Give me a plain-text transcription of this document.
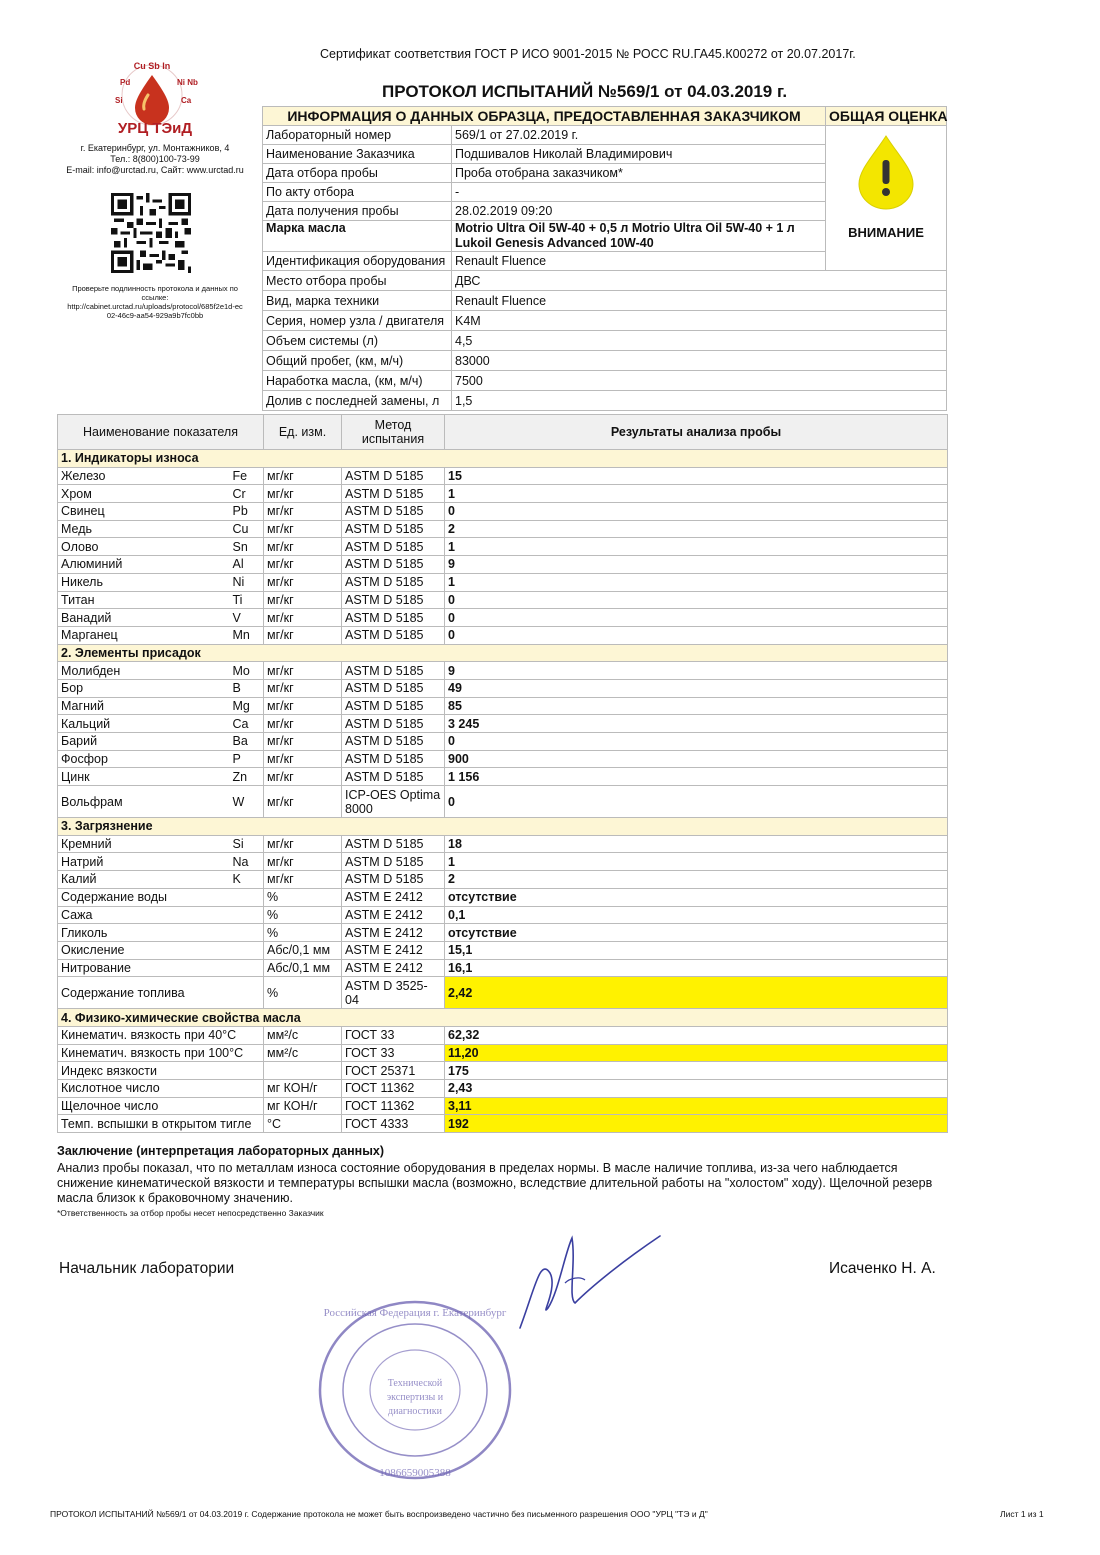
Сертификат соответствия ГОСТ Р ИСО 9001-2015 № РОСС RU.ГА45.К00272 от 20.07.2017г.
Cu Sb In
Pd	Ni Nb
Si	Ca
УРЦ ТЭиД
г. Екатеринбург, ул. Монтажников, 4
Тел.: 8(800)100-73-99
E-mail: info@urctad.ru, Сайт: www.urctad.ru
Проверьте подлинность протокола и данных по
ссылке:
http://cabinet.urctad.ru/uploads/protocol/685f2e1d-ec
02-46c9-aa54-929a9b7fc0bb
ПРОТОКОЛ ИСПЫТАНИЙ №569/1 от 04.03.2019 г.
ИНФОРМАЦИЯ О ДАННЫХ ОБРАЗЦА, ПРЕДОСТАВЛЕННАЯ ЗАКАЗЧИКОМ		ОБЩАЯ ОЦЕНКА
Лабораторный номер	569/1 от 27.02.2019 г.	ВНИМАНИЕ

Наименование Заказчика	Подшивалов Николай Владимирович	
Дата отбора пробы	Проба отобрана заказчиком*	
По акту отбора	-	
Дата получения пробы	28.02.2019 09:20	
Марка масла	Motrio Ultra Oil 5W-40 + 0,5 л Motrio Ultra Oil 5W-40 + 1 л Lukoil Genesis Advanced 10W-40	
Идентификация оборудования	Renault Fluence	
Место отбора пробы	ДВС	
Вид, марка техники	Renault Fluence	
Серия, номер узла / двигателя	K4M	
Объем системы (л)	4,5	
Общий пробег, (км, м/ч)	83000	
Наработка масла, (км, м/ч)	7500	
Долив с последней замены, л	1,5	
Наименование показателя		Ед. изм.	Метод испытания	Результаты анализа пробы
1. Индикаторы износа				
Железо	Fe	мг/кг	ASTM D 5185	15
Хром	Cr	мг/кг	ASTM D 5185	1
Свинец	Pb	мг/кг	ASTM D 5185	0
Медь	Cu	мг/кг	ASTM D 5185	2
Олово	Sn	мг/кг	ASTM D 5185	1
Алюминий	Al	мг/кг	ASTM D 5185	9
Никель	Ni	мг/кг	ASTM D 5185	1
Титан	Ti	мг/кг	ASTM D 5185	0
Ванадий	V	мг/кг	ASTM D 5185	0
Марганец	Mn	мг/кг	ASTM D 5185	0
2. Элементы присадок				
Молибден	Mo	мг/кг	ASTM D 5185	9
Бор	B	мг/кг	ASTM D 5185	49
Магний	Mg	мг/кг	ASTM D 5185	85
Кальций	Ca	мг/кг	ASTM D 5185	3 245
Барий	Ba	мг/кг	ASTM D 5185	0
Фосфор	P	мг/кг	ASTM D 5185	900
Цинк	Zn	мг/кг	ASTM D 5185	1 156
Вольфрам	W	мг/кг	ICP-OES Optima 8000	0
3. Загрязнение				
Кремний	Si	мг/кг	ASTM D 5185	18
Натрий	Na	мг/кг	ASTM D 5185	1
Калий	K	мг/кг	ASTM D 5185	2
Содержание воды		%	ASTM E 2412	отсутствие
Сажа		%	ASTM E 2412	0,1
Гликоль		%	ASTM E 2412	отсутствие
Окисление		Абс/0,1 мм	ASTM E 2412	15,1
Нитрование		Абс/0,1 мм	ASTM E 2412	16,1
Содержание топлива		%	ASTM D 3525-04	2,42
4. Физико-химические свойства масла				
Кинематич. вязкость при 40°C		мм²/с	ГОСТ 33	62,32
Кинематич. вязкость при 100°C		мм²/с	ГОСТ 33	11,20
Индекс вязкости			ГОСТ 25371	175
Кислотное число		мг КОН/г	ГОСТ 11362	2,43
Щелочное число		мг КОН/г	ГОСТ 11362	3,11
Темп. вспышки в открытом тигле		°C	ГОСТ 4333	192
Заключение (интерпретация лабораторных данных)
Анализ пробы показал, что по металлам износа состояние оборудования в пределах нормы. В масле наличие топлива, из-за чего наблюдается снижение кинематической вязкости и температуры вспышки масла (возможно, вследствие длительной работы на "холостом" ходу). Щелочной резерв масла близок к браковочному значению.
*Ответственность за отбор пробы несет непосредственно Заказчик
Начальник лаборатории	Исаченко Н. А.
Технической
экспертизы и
диагностики
Российская Федерация г. Екатеринбург
1086659005388
ПРОТОКОЛ ИСПЫТАНИЙ №569/1 от 04.03.2019 г. Содержание протокола не может быть воспроизведено частично без письменного разрешения ООО "УРЦ "ТЭ и Д"	Лист 1 из 1
